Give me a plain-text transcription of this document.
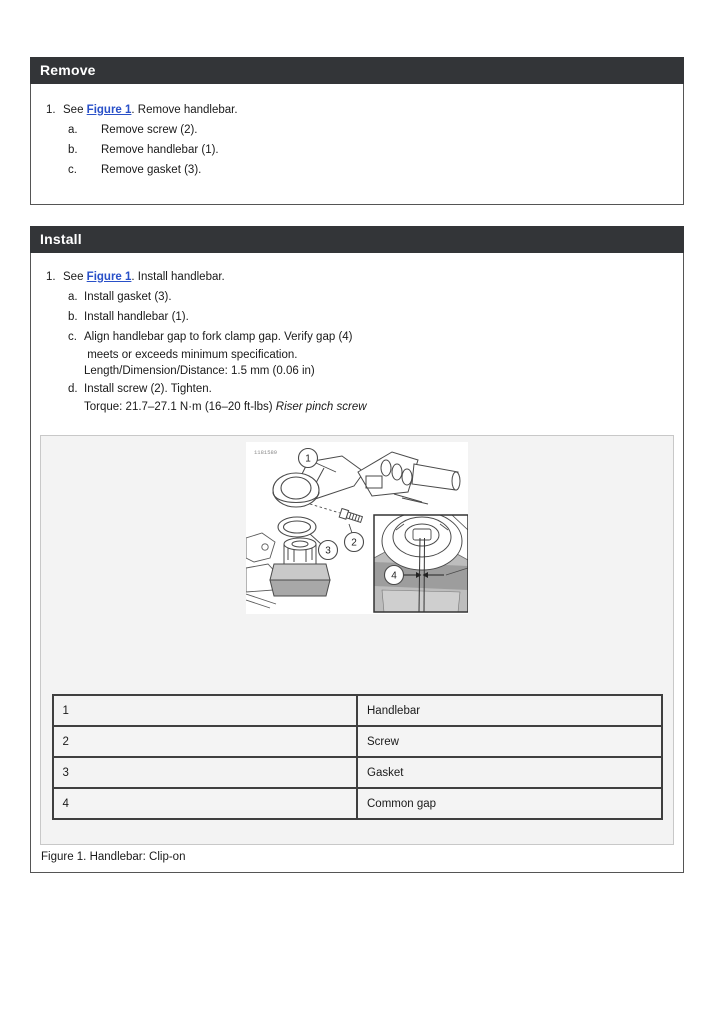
Remove
1. See Figure 1. Remove handlebar.
a.	Remove screw (2).
b.	Remove handlebar (1).
c.	Remove gasket (3).
Install
1. See Figure 1. Install handlebar.
a. Install gasket (3).
b. Install handlebar (1).
c. Align handlebar gap to fork clamp gap. Verify gap (4)
meets or exceeds minimum specification.
Length/Dimension/Distance: 1.5 mm (0.06 in)
d. Install screw (2). Tighten.
Torque: 21.7–27.1 N·m (16–20 ft-lbs) Riser pinch screw
1181589
1
2
3
4
1	Handlebar
2	Screw
3	Gasket
4	Common gap
Figure 1. Handlebar: Clip-on
